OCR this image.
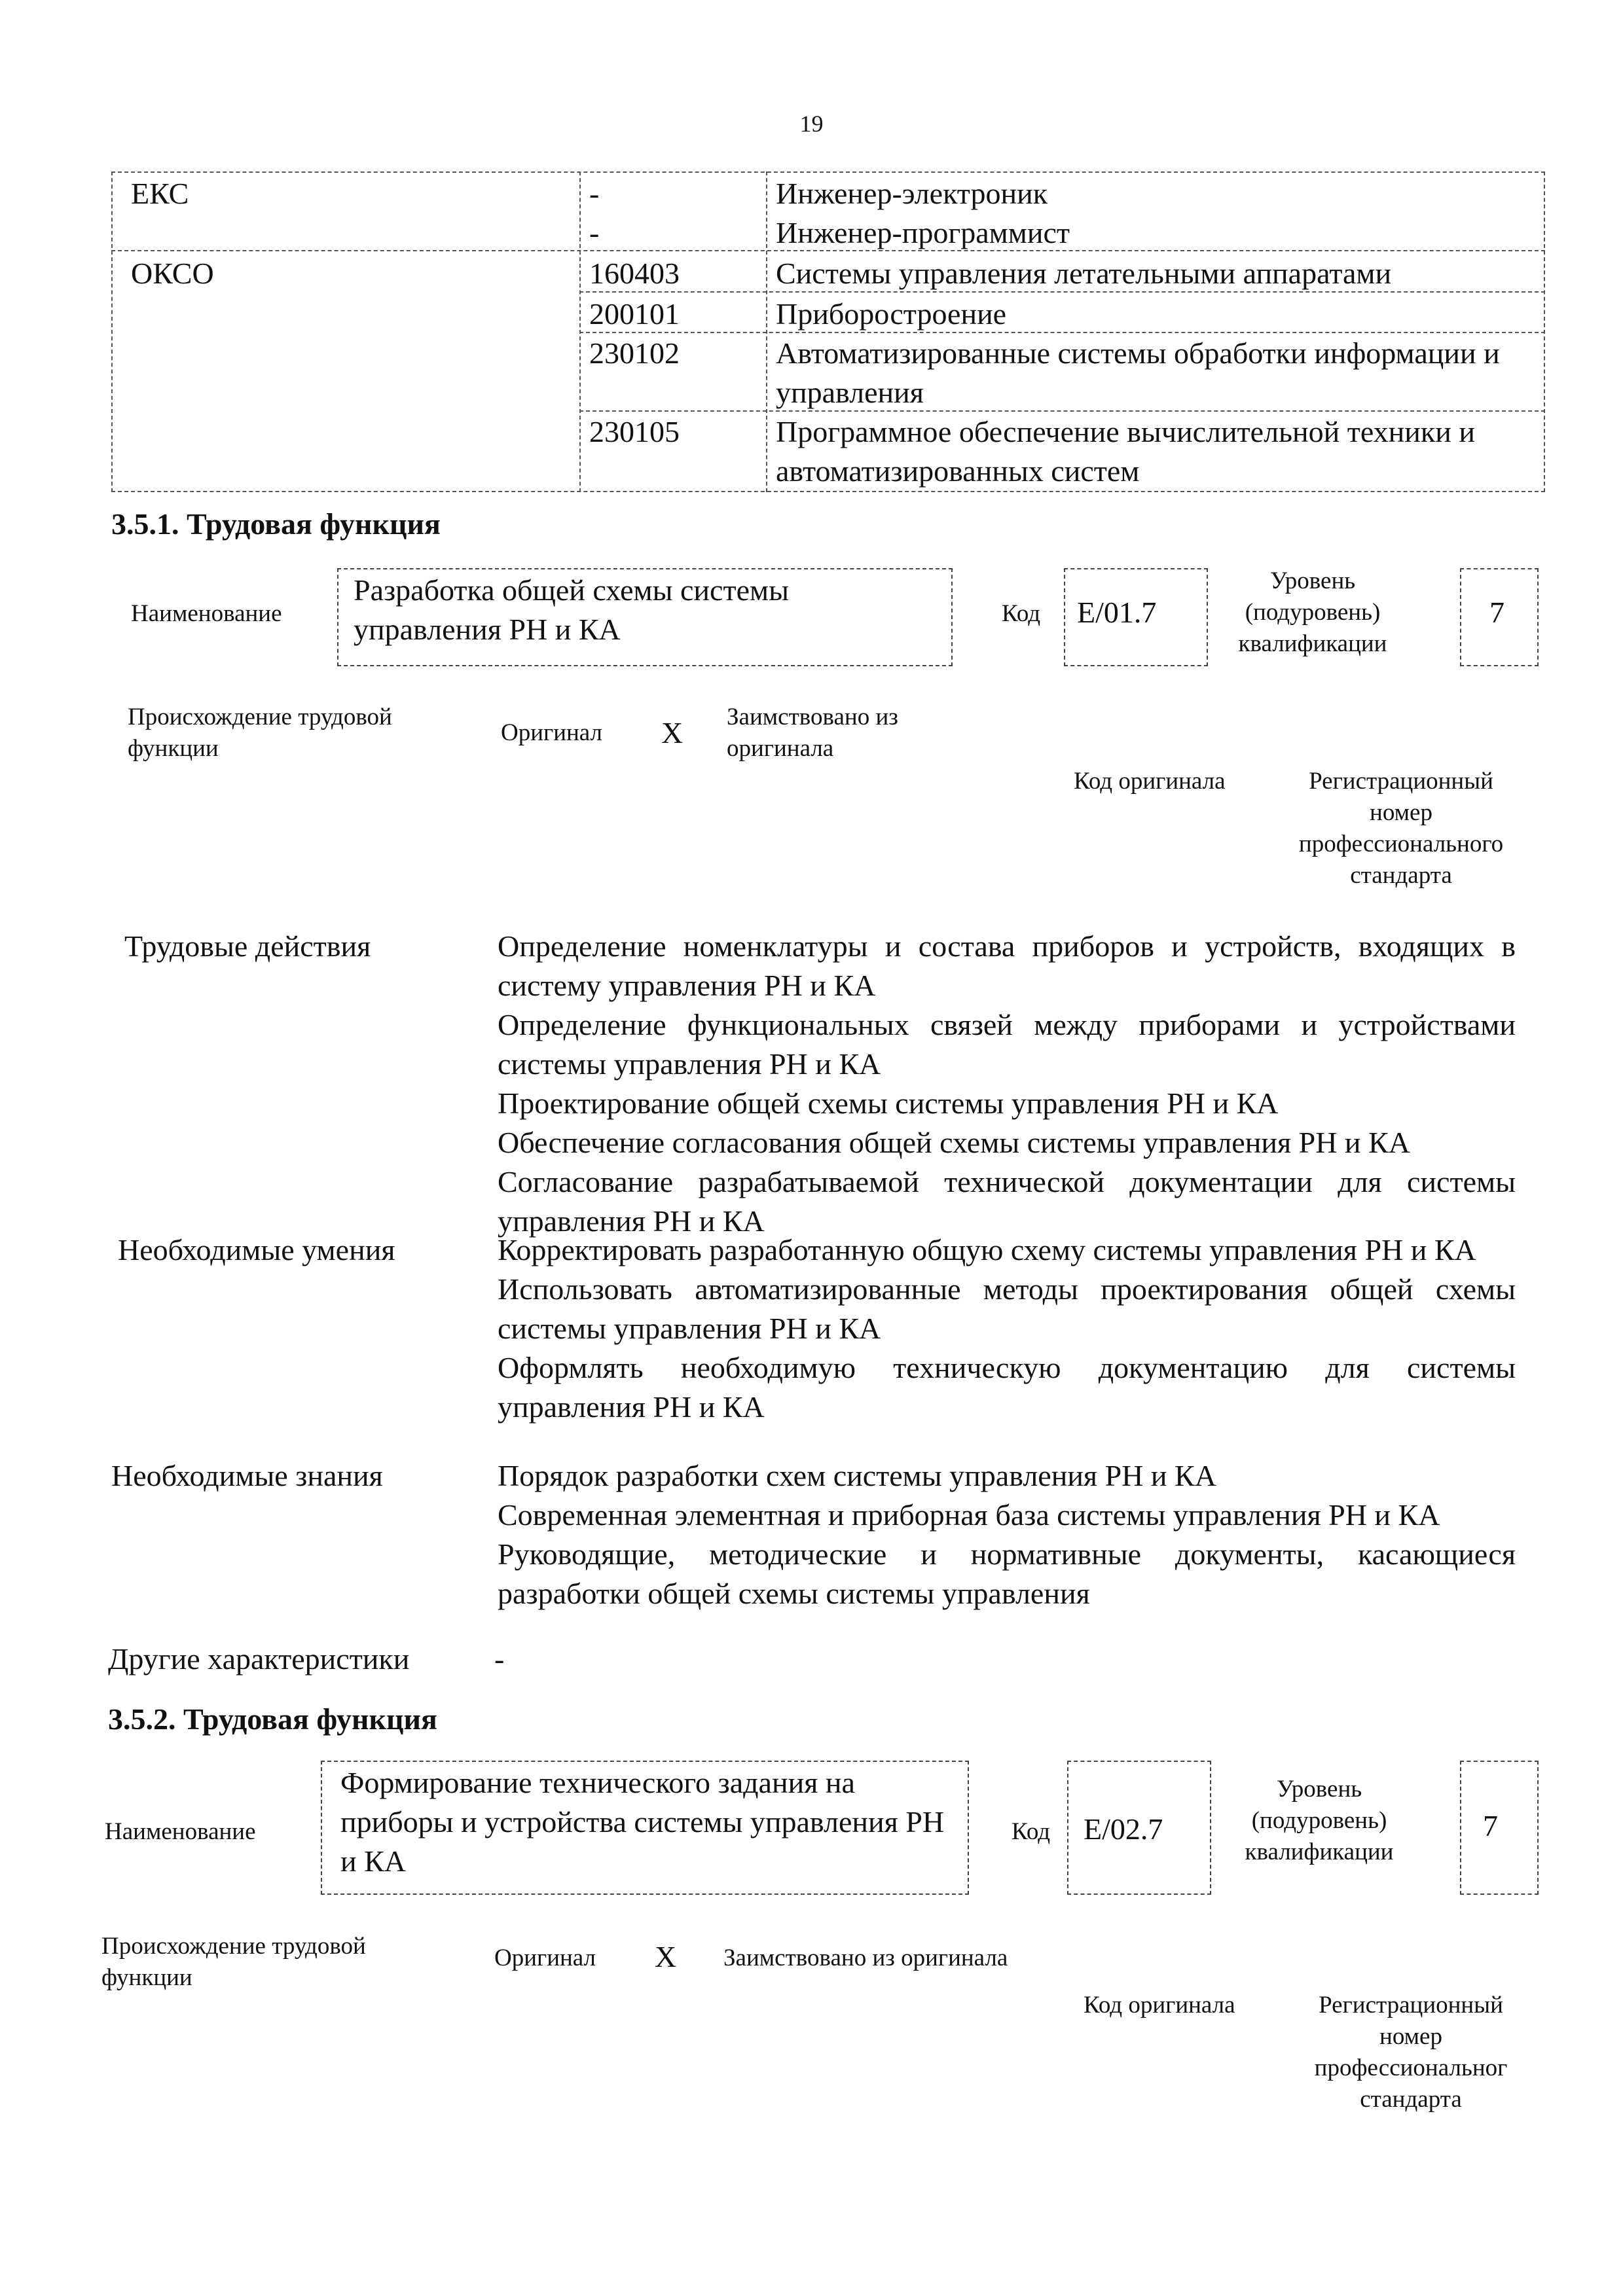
19
ЕКС	-	Инженер-электроник
-	Инженер-программист
ОКСО	160403	Системы управления летательными аппаратами
200101	Приборостроение
230102	Автоматизированные системы обработки информации и управления
230105	Программное обеспечение вычислительной техники и автоматизированных систем
3.5.1. Трудовая функция
Наименование
Разработка общей схемы системы управления РН и КА	Код E/01.7
Уровень (подуровень) квалификации
7
Происхождение трудовой функции
Оригинал X Заимствовано из оригинала
Код оригинала	Регистрационный номер профессионального стандарта
Трудовые действия	Определение номенклатуры и состава приборов и устройств, входящих в систему управления РН и КА
Определение функциональных связей между приборами и устройствами системы управления РН и КА
Проектирование общей схемы системы управления РН и КА
Обеспечение согласования общей схемы системы управления РН и КА
Согласование разрабатываемой технической документации для системы управления РН и КА
Необходимые умения	Корректировать разработанную общую схему системы управления РН и КА
Использовать автоматизированные методы проектирования общей схемы системы управления РН и КА
Оформлять необходимую техническую документацию для системы управления РН и КА
Необходимые знания	Порядок разработки схем системы управления РН и КА
Современная элементная и приборная база системы управления РН и КА
Руководящие, методические и нормативные документы, касающиеся разработки общей схемы системы управления
Другие характеристики	-
3.5.2. Трудовая функция
Наименование
Формирование технического задания на приборы и устройства системы управления РН и КА
Код E/02.7
Уровень (подуровень) квалификации
7
Происхождение трудовой функции
Оригинал X Заимствовано из оригинала
Код оригинала	Регистрационный номер профессиональног стандарта
